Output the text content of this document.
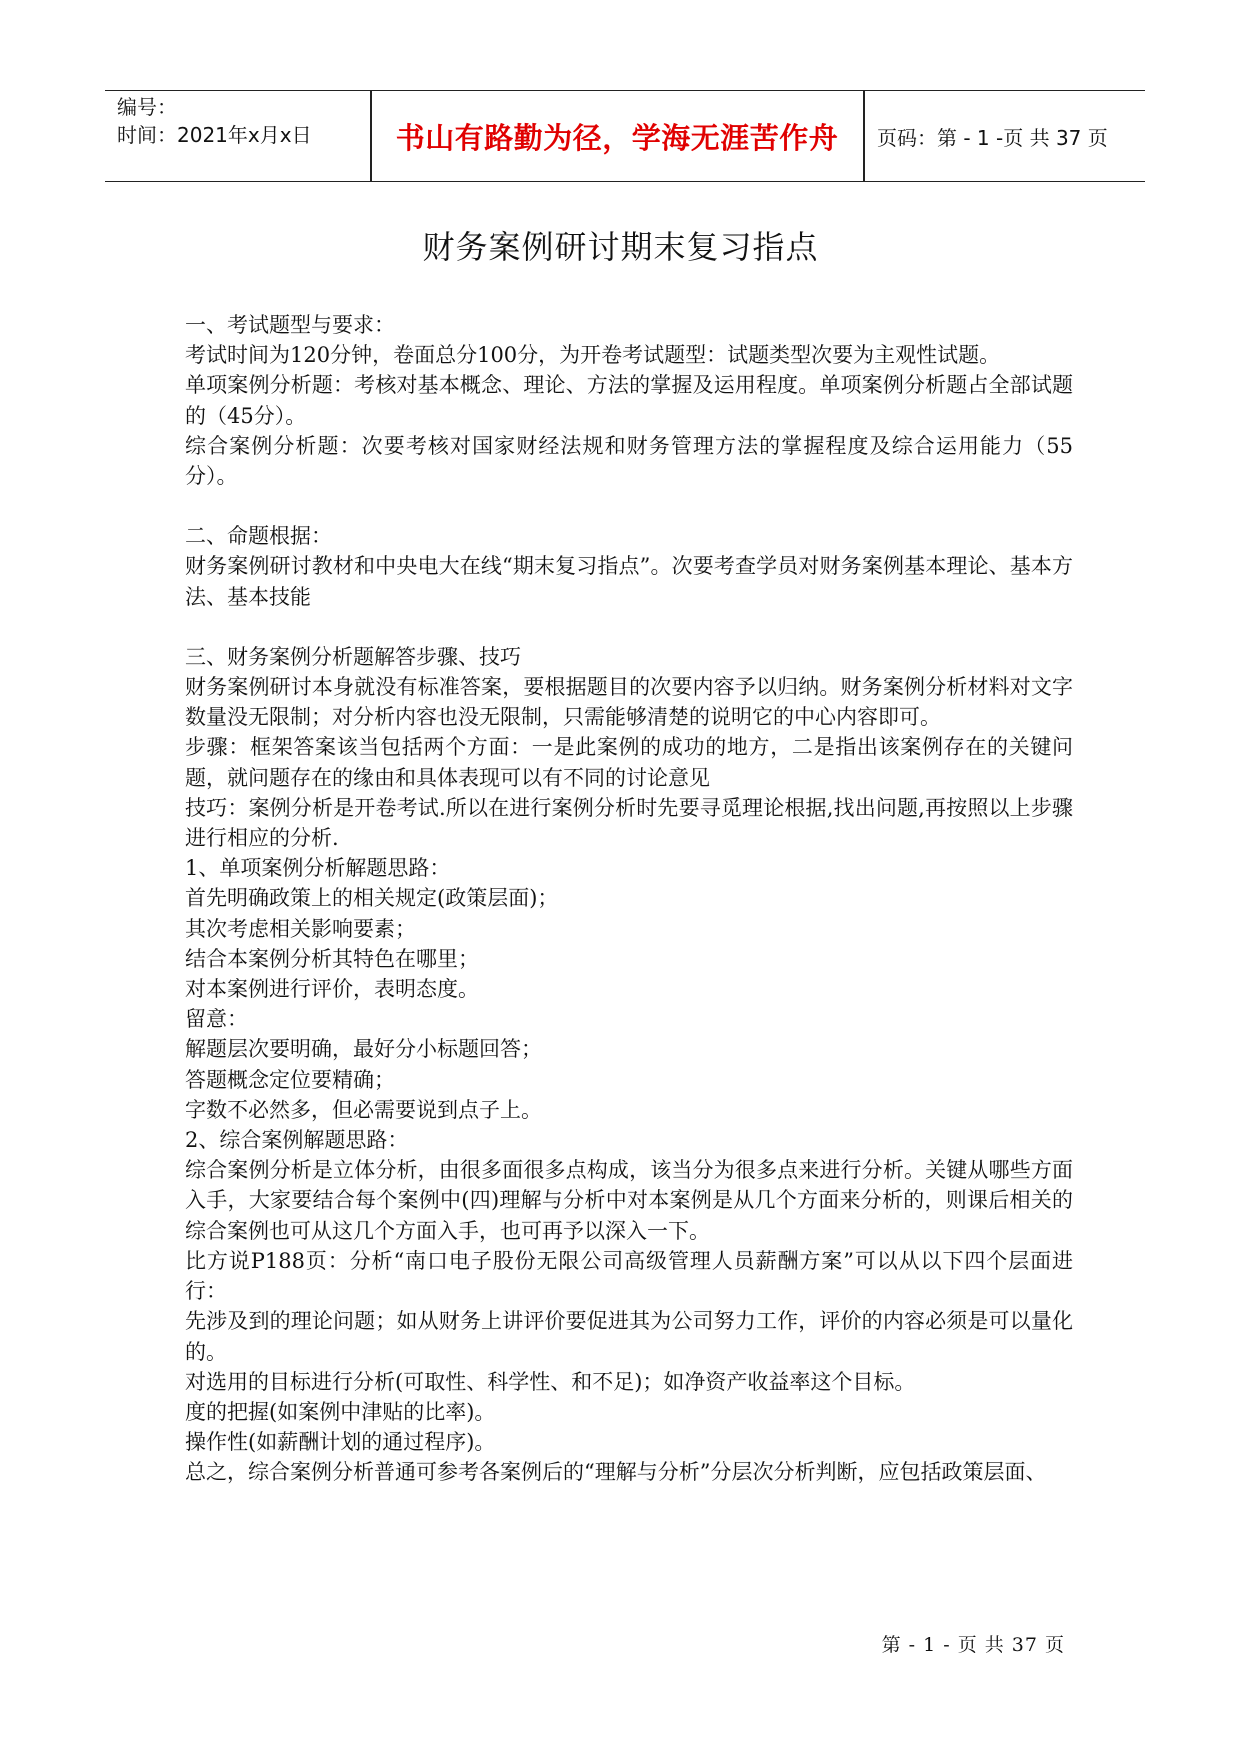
编号：
时间：2021年x月x日	书山有路勤为径，学海无涯苦作舟	页码：第 - 1 -页 共 37 页
财务案例研讨期末复习指点

一、考试题型与要求：

考试时间为120分钟，卷面总分100分，为开卷考试题型：试题类型次要为主观性试题。

单项案例分析题：考核对基本概念、理论、方法的掌握及运用程度。单项案例分析题占全部试题的（45分）。

综合案例分析题：次要考核对国家财经法规和财务管理方法的掌握程度及综合运用能力（55分）。

二、命题根据：

财务案例研讨教材和中央电大在线“期末复习指点”。次要考查学员对财务案例基本理论、基本方法、基本技能

三、财务案例分析题解答步骤、技巧

财务案例研讨本身就没有标准答案，要根据题目的次要内容予以归纳。财务案例分析材料对文字数量没无限制；对分析内容也没无限制，只需能够清楚的说明它的中心内容即可。

步骤：框架答案该当包括两个方面：一是此案例的成功的地方，二是指出该案例存在的关键问题，就问题存在的缘由和具体表现可以有不同的讨论意见

技巧：案例分析是开卷考试.所以在进行案例分析时先要寻觅理论根据,找出问题,再按照以上步骤进行相应的分析.

1、单项案例分析解题思路：

首先明确政策上的相关规定(政策层面)；

其次考虑相关影响要素；

结合本案例分析其特色在哪里；

对本案例进行评价，表明态度。

留意：

解题层次要明确，最好分小标题回答；

答题概念定位要精确；

字数不必然多，但必需要说到点子上。

2、综合案例解题思路：

综合案例分析是立体分析，由很多面很多点构成，该当分为很多点来进行分析。关键从哪些方面入手，大家要结合每个案例中(四)理解与分析中对本案例是从几个方面来分析的，则课后相关的综合案例也可从这几个方面入手，也可再予以深入一下。

比方说P188页：分析“南口电子股份无限公司高级管理人员薪酬方案”可以从以下四个层面进行：

先涉及到的理论问题；如从财务上讲评价要促进其为公司努力工作，评价的内容必须是可以量化的。

对选用的目标进行分析(可取性、科学性、和不足)；如净资产收益率这个目标。

度的把握(如案例中津贴的比率)。

操作性(如薪酬计划的通过程序)。

总之，综合案例分析普通可参考各案例后的“理解与分析”分层次分析判断，应包括政策层面、

第 - 1 - 页 共 37 页
